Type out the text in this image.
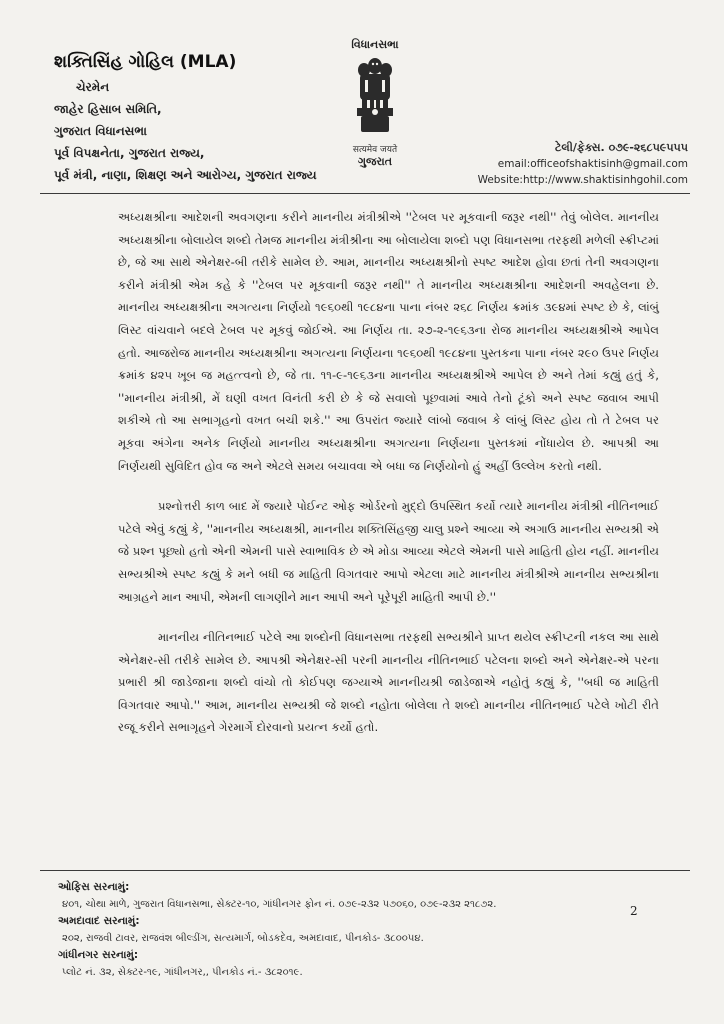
શક્તિસિંહ ગોહિલ (MLA)
ચેરમેન
જાહેર હિસાબ સમિતિ,
ગુજરાત વિધાનસભા
પૂર્વ વિપક્ષનેતા, ગુજરાત રાજ્ય,
પૂર્વ મંત્રી, નાણા, શિક્ષણ અને આરોગ્ય, ગુજરાત રાજ્ય
વિધાનસભા
सत्यमेव जयते
ગુજરાત
ટેલી/ફેક્સ. ૦૭૯-૨૬૮૫૯૫૫૫
email:officeofshaktisinh@gmail.com
Website:http://www.shaktisinhgohil.com

અધ્યક્ષશ્રીના આદેશની અવગણના કરીને માનનીય મંત્રીશ્રીએ ''ટેબલ પર મૂકવાની જરૂર નથી'' તેવું બોલેલ. માનનીય અધ્યક્ષશ્રીના બોલાયેલ શબ્દો તેમજ માનનીય મંત્રીશ્રીના આ બોલાયેલા શબ્દો પણ વિધાનસભા તરફથી મળેલી સ્ક્રીપ્ટમાં છે, જે આ સાથે એનેક્ષર-બી તરીકે સામેલ છે. આમ, માનનીય અધ્યક્ષશ્રીનો સ્પષ્ટ આદેશ હોવા છતાં તેની અવગણના કરીને મંત્રીશ્રી એમ કહે કે ''ટેબલ પર મૂકવાની જરૂર નથી'' તે માનનીય અધ્યક્ષશ્રીના આદેશની અવહેલના છે. માનનીય અધ્યક્ષશ્રીના અગત્યના નિર્ણયો ૧૯૬૦થી ૧૯૮૪ના પાના નંબર ૨૬૮ નિર્ણય ક્રમાંક ૩૯૪માં સ્પષ્ટ છે કે, લાંબું લિસ્ટ વાંચવાને બદલે ટેબલ પર મૂકવું જોઈએ. આ નિર્ણય તા. ૨૭-૨-૧૯૬૩ના રોજ માનનીય અધ્યક્ષશ્રીએ આપેલ હતો. આજરોજ માનનીય અધ્યક્ષશ્રીના અગત્યના નિર્ણયના ૧૯૬૦થી ૧૯૮૪ના પુસ્તકના પાના નંબર ૨૯૦ ઉપર નિર્ણય ક્રમાંક ૪૨૫ ખૂબ જ મહત્ત્વનો છે, જે તા. ૧૧-૯-૧૯૬૩ના માનનીય અધ્યક્ષશ્રીએ આપેલ છે અને તેમાં કહ્યું હતું કે, ''માનનીય મંત્રીશ્રી, મેં ઘણી વખત વિનંતી કરી છે કે જે સવાલો પૂછવામાં આવે તેનો ટૂંકો અને સ્પષ્ટ જવાબ આપી શકીએ તો આ સભાગૃહનો વખત બચી શકે.'' આ ઉપરાંત જ્યારે લાંબો જવાબ કે લાંબું લિસ્ટ હોય તો તે ટેબલ પર મૂકવા અંગેના અનેક નિર્ણયો માનનીય અધ્યક્ષશ્રીના અગત્યના નિર્ણયના પુસ્તકમાં નોંધાયેલ છે. આપશ્રી આ નિર્ણયથી સુવિદિત હોવ જ અને એટલે સમય બચાવવા એ બધા જ નિર્ણયોનો હું અહીં ઉલ્લેખ કરતો નથી.

પ્રશ્નોત્તરી કાળ બાદ મેં જ્યારે પોઈન્ટ ઓફ ઓર્ડરનો મુદ્દો ઉપસ્થિત કર્યો ત્યારે માનનીય મંત્રીશ્રી નીતિનભાઈ પટેલે એવું કહ્યું કે, ''માનનીય અધ્યક્ષશ્રી, માનનીય શક્તિસિંહજી ચાલુ પ્રશ્ને આવ્યા એ અગાઉ માનનીય સભ્યશ્રી એ જે પ્રશ્ન પૂછ્યો હતો એની એમની પાસે સ્વાભાવિક છે એ મોડા આવ્યા એટલે એમની પાસે માહિતી હોય નહીં. માનનીય સભ્યશ્રીએ સ્પષ્ટ કહ્યું કે મને બધી જ માહિતી વિગતવાર આપો એટલા માટે માનનીય મંત્રીશ્રીએ માનનીય સભ્યશ્રીના આગ્રહને માન આપી, એમની લાગણીને માન આપી અને પૂરેપૂરી માહિતી આપી છે.''

માનનીય નીતિનભાઈ પટેલે આ શબ્દોની વિધાનસભા તરફથી સભ્યશ્રીને પ્રાપ્ત થયેલ સ્ક્રીપ્ટની નકલ આ સાથે એનેક્ષર-સી તરીકે સામેલ છે. આપશ્રી એનેક્ષર-સી પરની માનનીય નીતિનભાઈ પટેલના શબ્દો અને એનેક્ષર-એ પરના પ્રભારી શ્રી જાડેજાના શબ્દો વાંચો તો કોઈપણ જગ્યાએ માનનીયશ્રી જાડેજાએ નહોતું કહ્યું કે, ''બધી જ માહિતી વિગતવાર આપો.'' આમ, માનનીય સભ્યશ્રી જે શબ્દો નહોતા બોલેલા તે શબ્દો માનનીય નીતિનભાઈ પટેલે ખોટી રીતે રજૂ કરીને સભાગૃહને ગેરમાર્ગે દોરવાનો પ્રયત્ન કર્યો હતો.

ઓફિસ સરનામું:
૪૦૧, ચોથા માળે, ગુજરાત વિધાનસભા, સેક્ટર-૧૦, ગાંધીનગર ફોન નં. ૦૭૯-૨૩૨ ૫૭૦૬૦, ૦૭૯-૨૩૨ ૨૧૮૭૨.
અમદાવાદ સરનામું:
૨૦૨, રાજવી ટાવર, રાજવંશ બીલ્ડીંગ, સત્યમાર્ગ, બોડકદેવ, અમદાવાદ, પીનકોડ- ૩૮૦૦૫૪.
ગાંધીનગર સરનામું:
પ્લોટ નં. ૩૨, સેક્ટર-૧૯, ગાંધીનગર,, પીનકોડ નં.- ૩૮૨૦૧૯.
2
